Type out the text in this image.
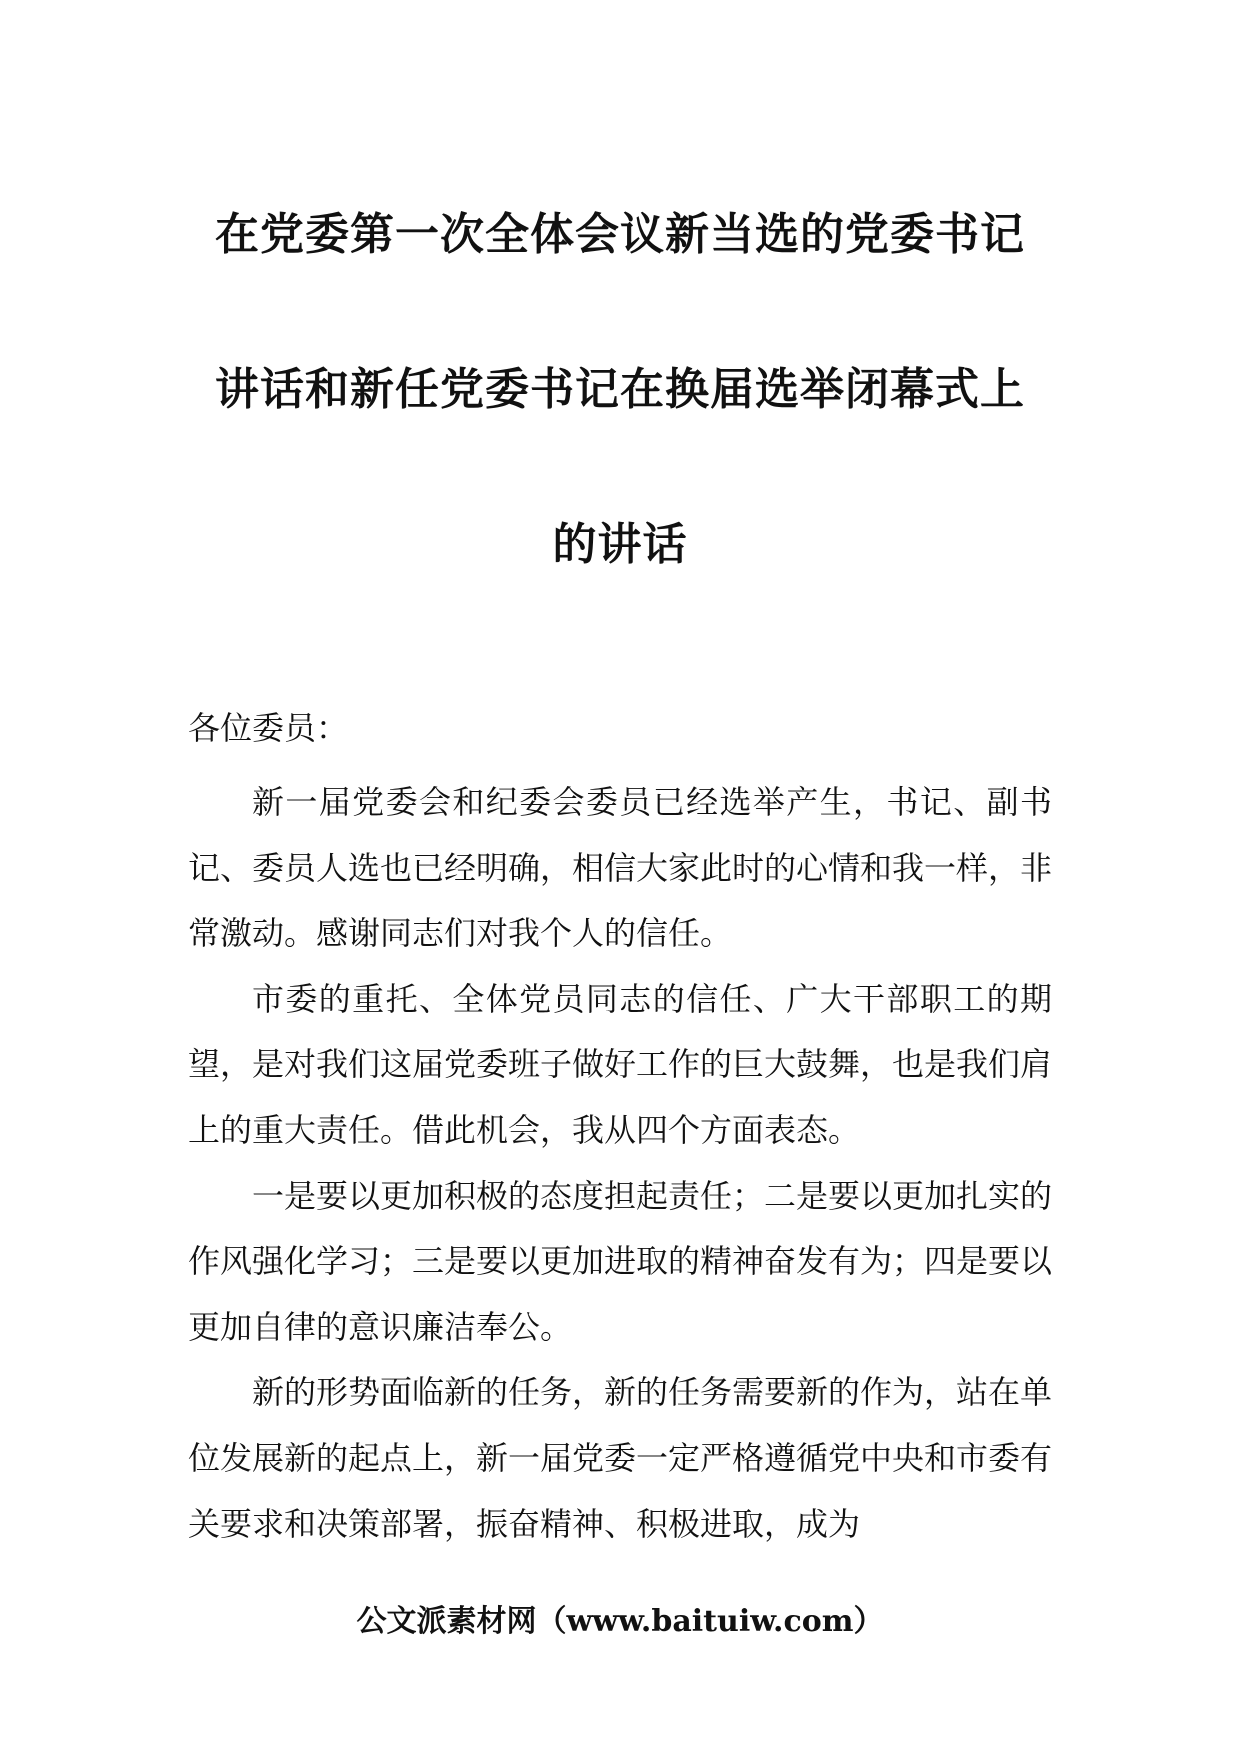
在党委第一次全体会议新当选的党委书记
讲话和新任党委书记在换届选举闭幕式上
的讲话
各位委员：

新一届党委会和纪委会委员已经选举产生，书记、副书记、委员人选也已经明确，相信大家此时的心情和我一样，非常激动。感谢同志们对我个人的信任。

市委的重托、全体党员同志的信任、广大干部职工的期望，是对我们这届党委班子做好工作的巨大鼓舞，也是我们肩上的重大责任。借此机会，我从四个方面表态。

一是要以更加积极的态度担起责任；二是要以更加扎实的作风强化学习；三是要以更加进取的精神奋发有为；四是要以更加自律的意识廉洁奉公。

新的形势面临新的任务，新的任务需要新的作为，站在单位发展新的起点上，新一届党委一定严格遵循党中央和市委有关要求和决策部署，振奋精神、积极进取，成为

公文派素材网（www.baituiw.com）
